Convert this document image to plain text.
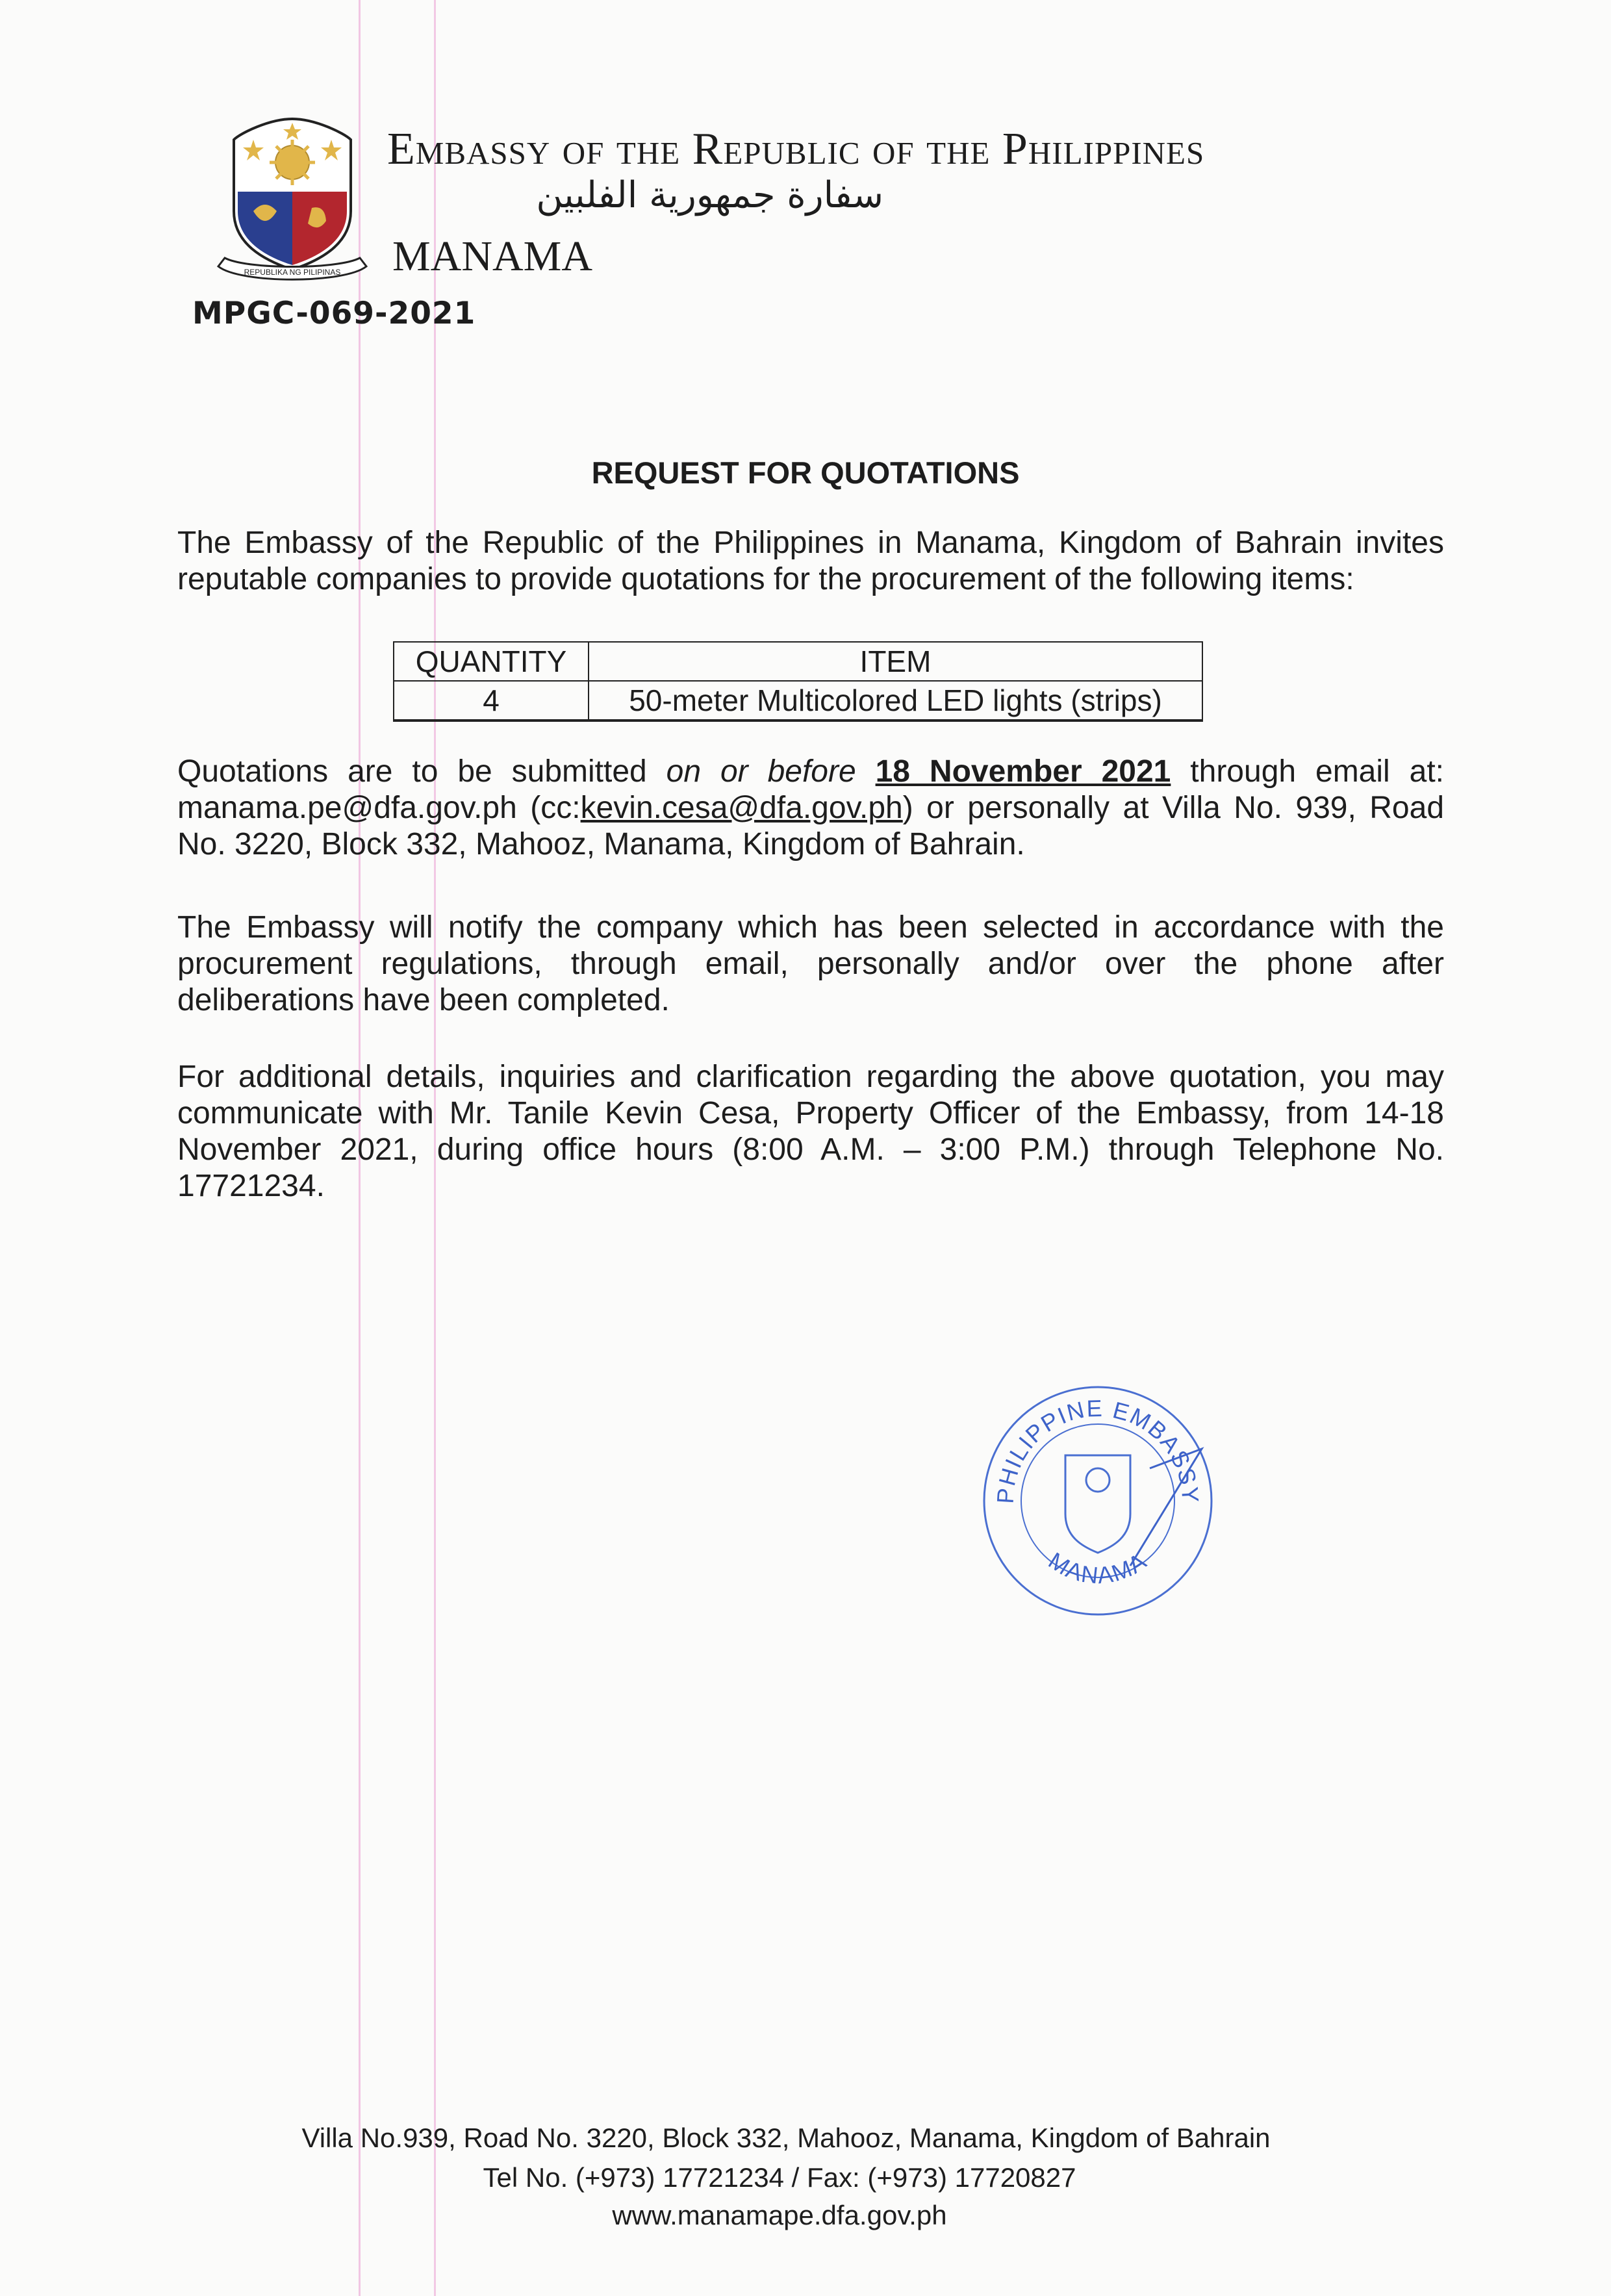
REPUBLIKA NG PILIPINAS
Embassy of the Republic of the Philippines
سفارة جمهورية الفلبين
MANAMA
MPGC-069-2021
REQUEST FOR QUOTATIONS
The Embassy of the Republic of the Philippines in Manama, Kingdom of Bahrain invites reputable companies to provide quotations for the procurement of the following items:
QUANTITY	ITEM
4	50-meter Multicolored LED lights (strips)
Quotations are to be submitted on or before 18 November 2021 through email at: manama.pe@dfa.gov.ph (cc:kevin.cesa@dfa.gov.ph) or personally at Villa No. 939, Road No. 3220, Block 332, Mahooz, Manama, Kingdom of Bahrain.
The Embassy will notify the company which has been selected in accordance with the procurement regulations, through email, personally and/or over the phone after deliberations have been completed.
For additional details, inquiries and clarification regarding the above quotation, you may communicate with Mr. Tanile Kevin Cesa, Property Officer of the Embassy, from 14-18 November 2021, during office hours (8:00 A.M. – 3:00 P.M.) through Telephone No. 17721234.
PHILIPPINE EMBASSY
MANAMA
Villa No.939, Road No. 3220, Block 332, Mahooz, Manama, Kingdom of Bahrain
Tel No. (+973) 17721234 / Fax: (+973) 17720827
www.manamape.dfa.gov.ph
